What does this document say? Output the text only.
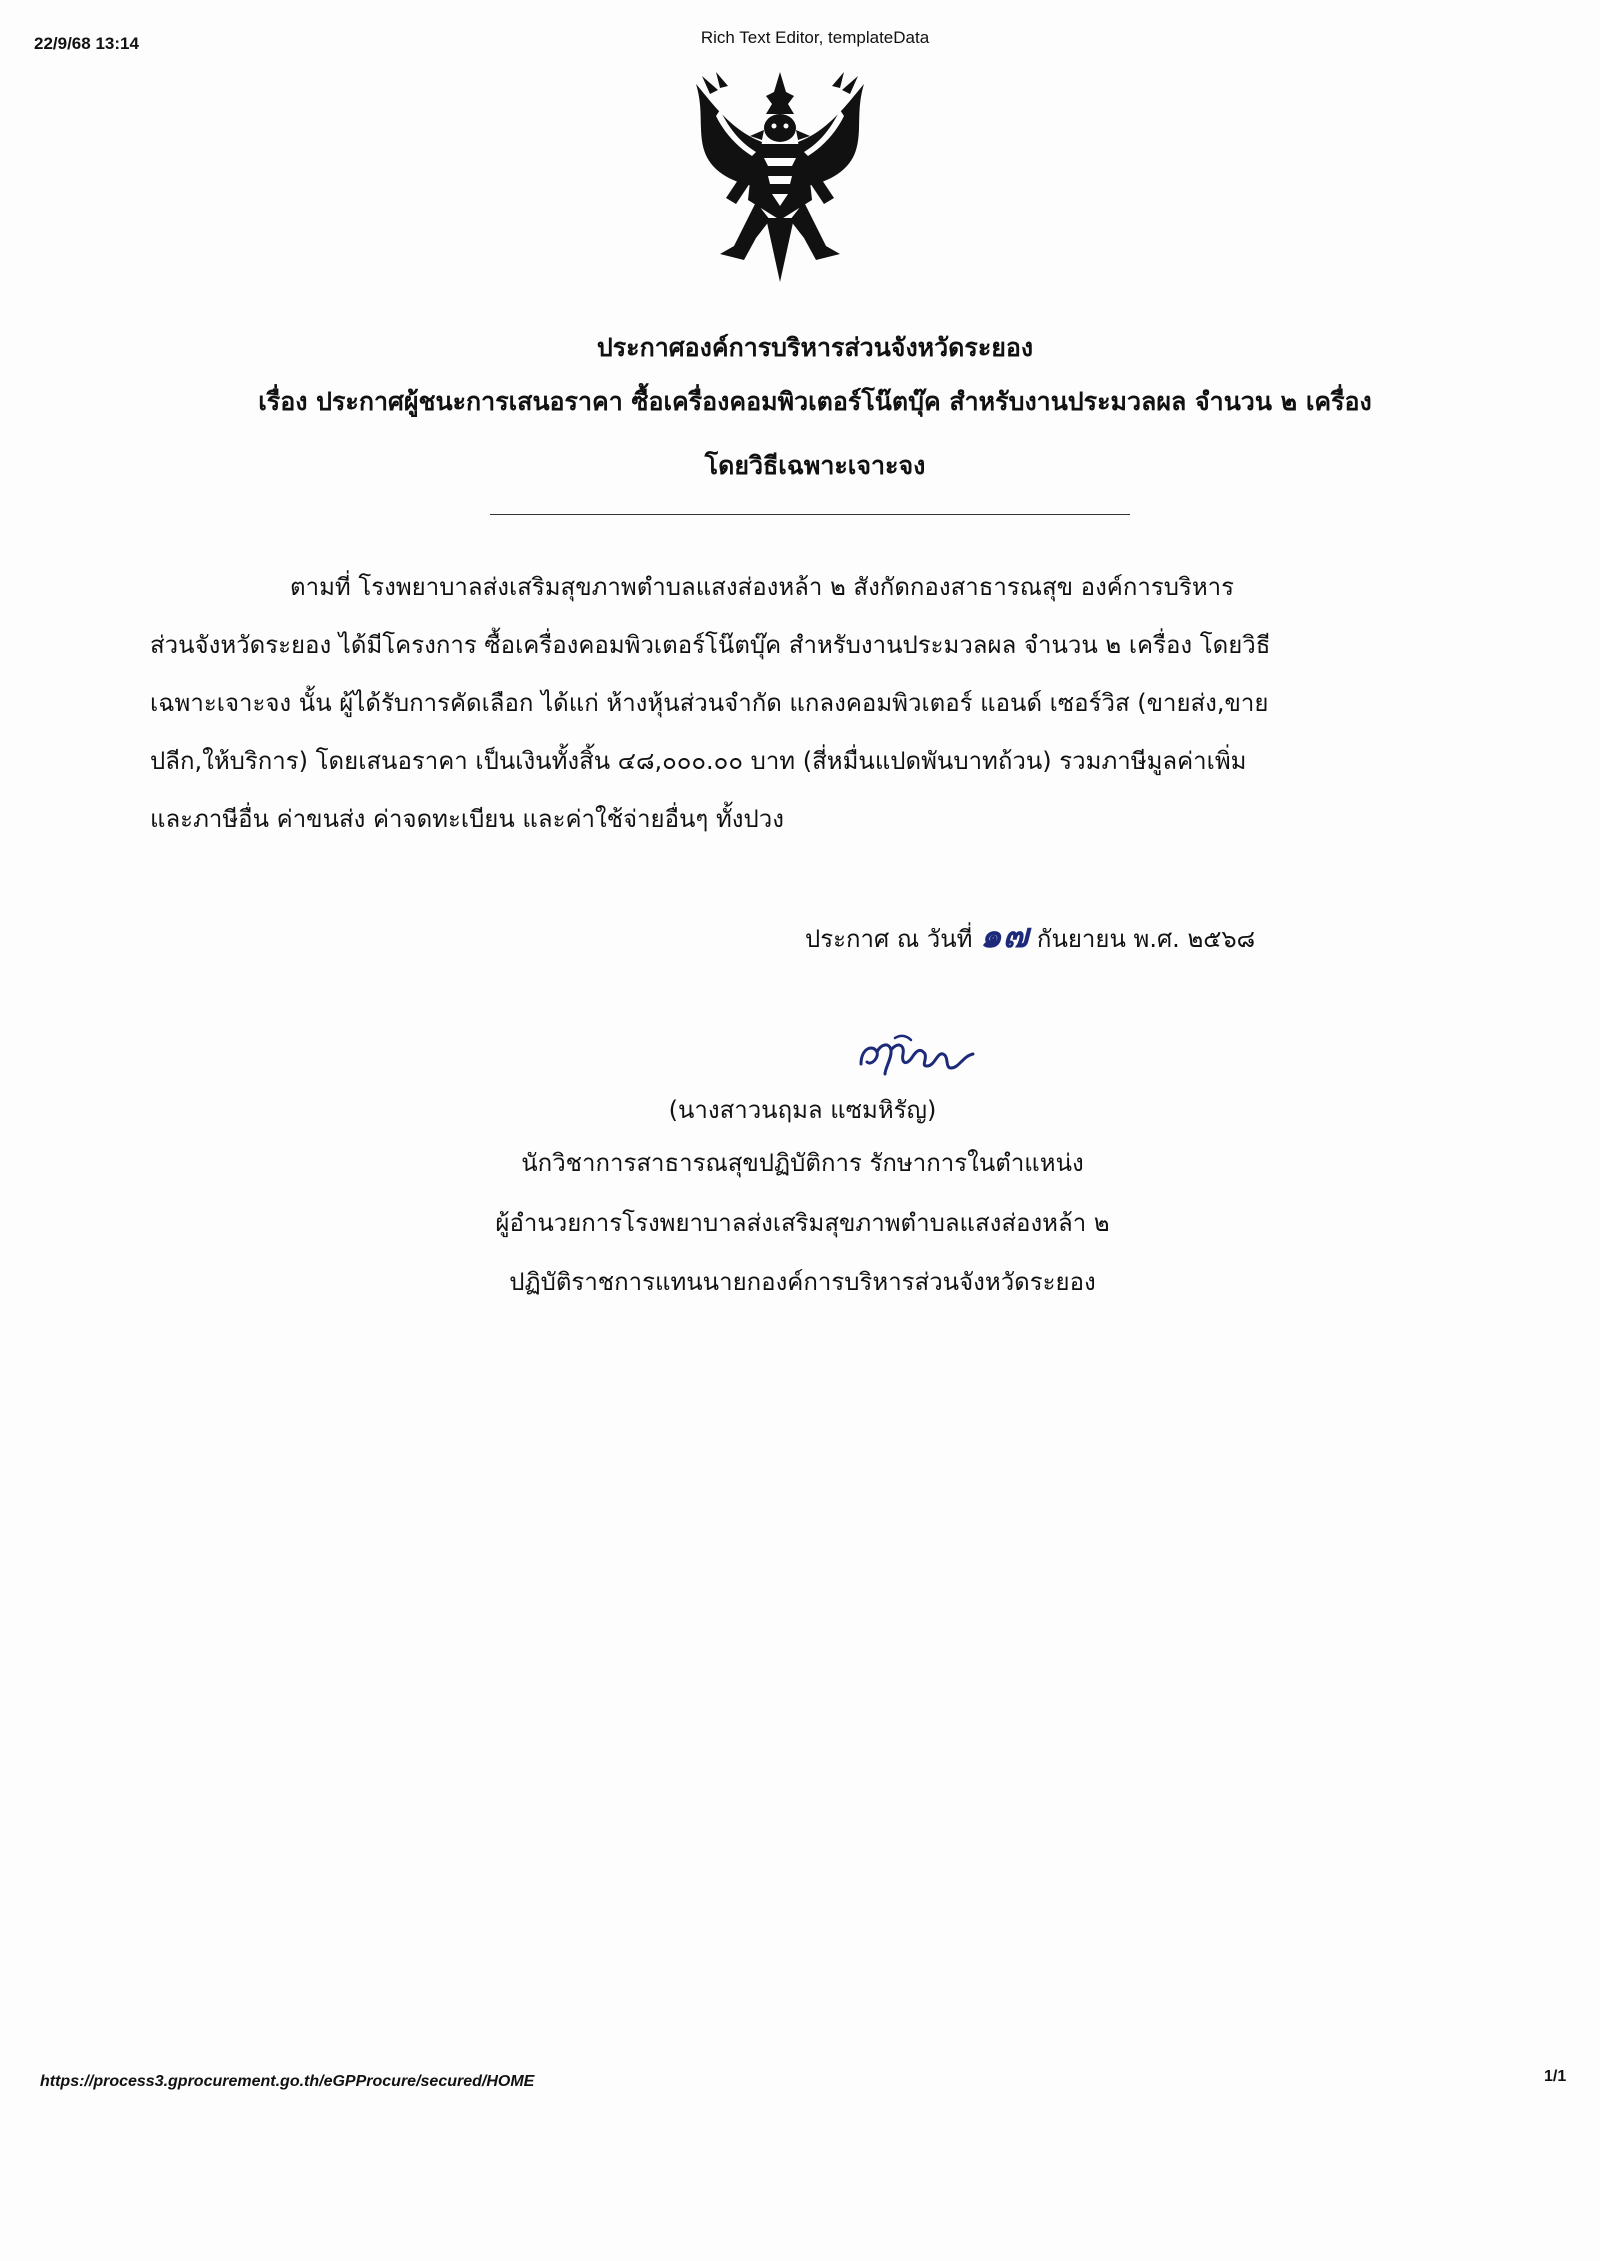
22/9/68 13:14	Rich Text Editor, templateData
ประกาศองค์การบริหารส่วนจังหวัดระยอง
เรื่อง ประกาศผู้ชนะการเสนอราคา ซื้อเครื่องคอมพิวเตอร์โน๊ตบุ๊ค สำหรับงานประมวลผล จำนวน ๒ เครื่อง
โดยวิธีเฉพาะเจาะจง
ตามที่ โรงพยาบาลส่งเสริมสุขภาพตำบลแสงส่องหล้า ๒ สังกัดกองสาธารณสุข องค์การบริหาร
ส่วนจังหวัดระยอง ได้มีโครงการ ซื้อเครื่องคอมพิวเตอร์โน๊ตบุ๊ค สำหรับงานประมวลผล จำนวน ๒ เครื่อง โดยวิธี
เฉพาะเจาะจง นั้น ผู้ได้รับการคัดเลือก ได้แก่ ห้างหุ้นส่วนจำกัด แกลงคอมพิวเตอร์ แอนด์ เซอร์วิส (ขายส่ง,ขาย
ปลีก,ให้บริการ) โดยเสนอราคา เป็นเงินทั้งสิ้น ๔๘,๐๐๐.๐๐ บาท (สี่หมื่นแปดพันบาทถ้วน) รวมภาษีมูลค่าเพิ่ม
และภาษีอื่น ค่าขนส่ง ค่าจดทะเบียน และค่าใช้จ่ายอื่นๆ ทั้งปวง
ประกาศ ณ วันที่ ๑๗ กันยายน พ.ศ. ๒๕๖๘
(นางสาวนฤมล แซมหิรัญ)
นักวิชาการสาธารณสุขปฏิบัติการ รักษาการในตำแหน่ง
ผู้อำนวยการโรงพยาบาลส่งเสริมสุขภาพตำบลแสงส่องหล้า ๒
ปฏิบัติราชการแทนนายกองค์การบริหารส่วนจังหวัดระยอง
https://process3.gprocurement.go.th/eGPProcure/secured/HOME	1/1
